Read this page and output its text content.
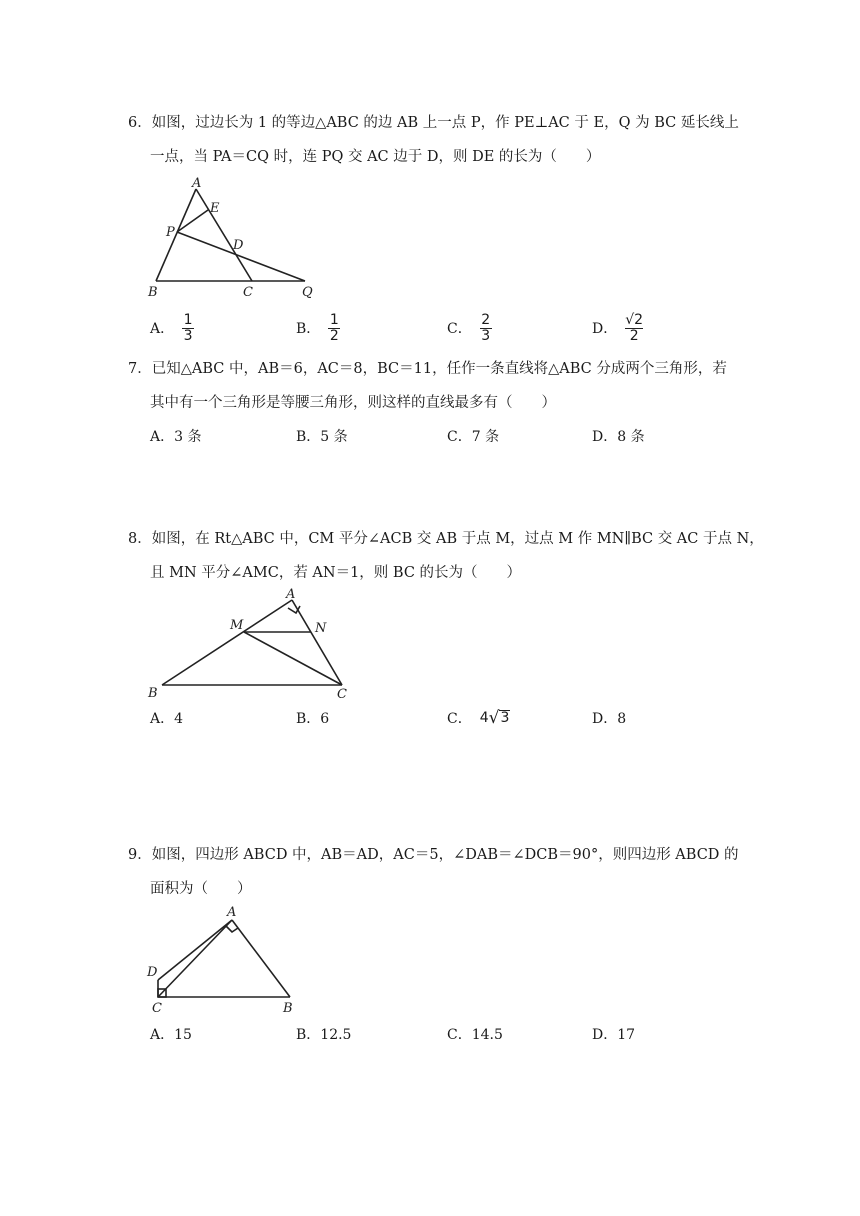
6．如图，过边长为 1 的等边△ABC 的边 AB 上一点 P，作 PE⊥AC 于 E，Q 为 BC 延长线上
一点，当 PA＝CQ 时，连 PQ 交 AC 边于 D，则 DE 的长为（　　）
A
E
P
D
B	C	Q
A． $\frac{1}{3}$	B． $\frac{1}{2}$	C． $\frac{2}{3}$	D． $\frac{√2}{2}$
7．已知△ABC 中，AB＝6，AC＝8，BC＝11，任作一条直线将△ABC 分成两个三角形，若
其中有一个三角形是等腰三角形，则这样的直线最多有（　　）
A．3 条	B．5 条	C．7 条	D．8 条
8．如图，在 Rt△ABC 中，CM 平分∠ACB 交 AB 于点 M，过点 M 作 MN∥BC 交 AC 于点 N，
且 MN 平分∠AMC，若 AN＝1，则 BC 的长为（　　）
A
M	N
B	C
A．4	B．6	C． 4 √ 3	D．8
9．如图，四边形 ABCD 中，AB＝AD，AC＝5，∠DAB＝∠DCB＝90°，则四边形 ABCD 的
面积为（　　）
A
D
C	B
A．15	B．12.5	C．14.5	D．17
